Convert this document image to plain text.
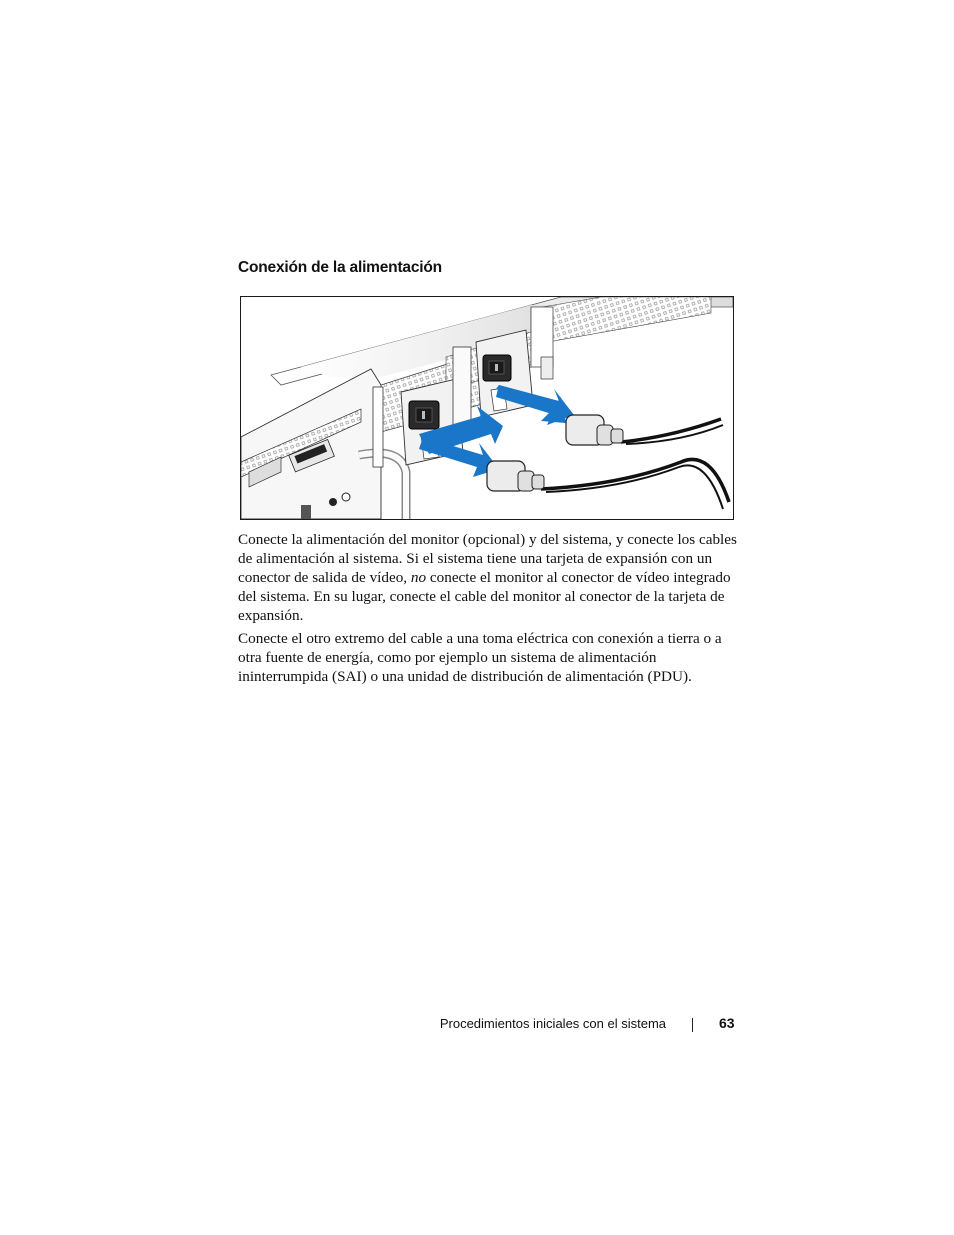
Conexión de la alimentación

Conecte la alimentación del monitor (opcional) y del sistema, y conecte los cables de alimentación al sistema. Si el sistema tiene una tarjeta de expansión con un conector de salida de vídeo, no conecte el monitor al conector de vídeo integrado del sistema. En su lugar, conecte el cable del monitor al conector de la tarjeta de expansión.

Conecte el otro extremo del cable a una toma eléctrica con conexión a tierra o a otra fuente de energía, como por ejemplo un sistema de alimentación ininterrumpida (SAI) o una unidad de distribución de alimentación (PDU).

Procedimientos iniciales con el sistema	63
